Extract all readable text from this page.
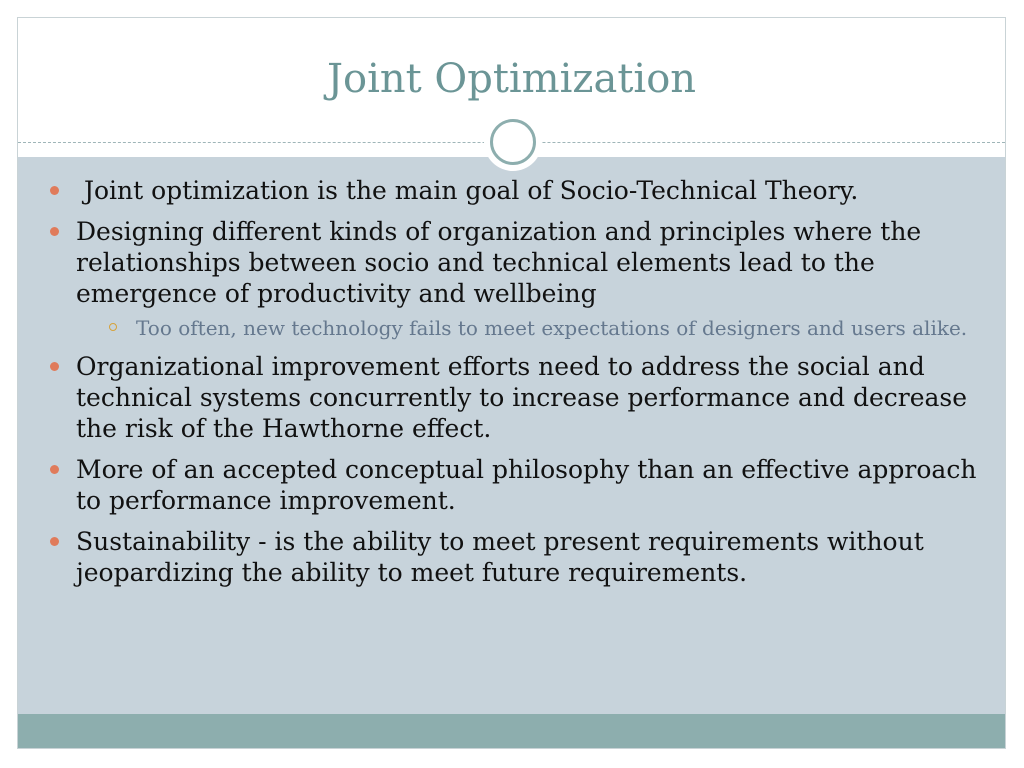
Joint Optimization
Joint optimization is the main goal of Socio-Technical Theory.
Designing different kinds of organization and principles where the relationships between socio and technical elements lead to the emergence of productivity and wellbeing
Too often, new technology fails to meet expectations of designers and users alike.
Organizational improvement efforts need to address the social and technical systems concurrently to increase performance and decrease the risk of the Hawthorne effect.
More of an accepted conceptual philosophy than an effective approach to performance improvement.
Sustainability - is the ability to meet present requirements without jeopardizing the ability to meet future requirements.
